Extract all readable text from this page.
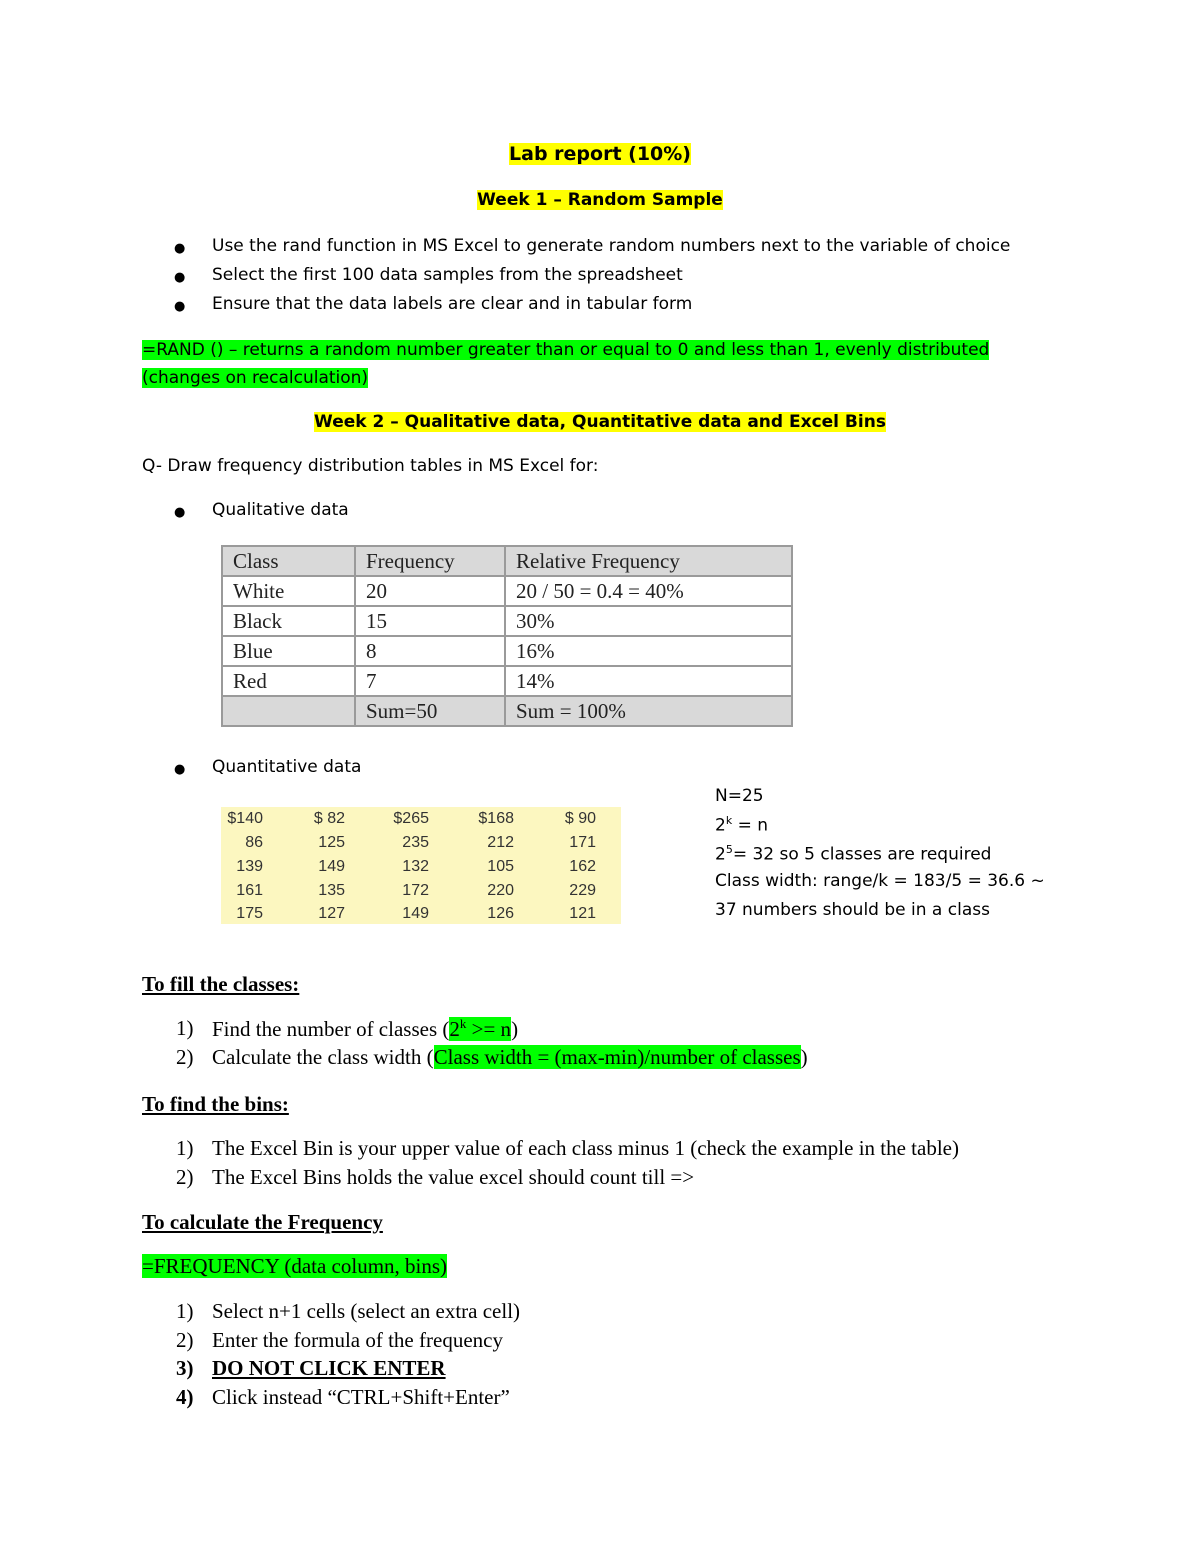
Lab report (10%)
Week 1 – Random Sample
● Use the rand function in MS Excel to generate random numbers next to the variable of choice
● Select the first 100 data samples from the spreadsheet
● Ensure that the data labels are clear and in tabular form
=RAND () – returns a random number greater than or equal to 0 and less than 1, evenly distributed
(changes on recalculation)
Week 2 – Qualitative data, Quantitative data and Excel Bins
Q- Draw frequency distribution tables in MS Excel for:
● Qualitative data
Class	Frequency	Relative Frequency
White	20	20 / 50 = 0.4 = 40%
Black	15	30%
Blue	8	16%
Red	7	14%
	Sum=50	Sum = 100%
● Quantitative data
$140	$ 82	$265	$168	$ 90
86	125	235	212	171
139	149	132	105	162
161	135	172	220	229
175	127	149	126	121
N=25
$2^k = n$
$2^5= 32$ so 5 classes are required
Class width: range/k = 183/5 = 36.6 ~
37 numbers should be in a class
To fill the classes:
1) Find the number of classes $(2^k >= n)$
2) Calculate the class width (Class width = (max-min)/number of classes)
To find the bins:
1) The Excel Bin is your upper value of each class minus 1 (check the example in the table)
2) The Excel Bins holds the value excel should count till =>
To calculate the Frequency
=FREQUENCY (data column, bins)
1) Select n+1 cells (select an extra cell)
2) Enter the formula of the frequency
3) DO NOT CLICK ENTER
4) Click instead “CTRL+Shift+Enter”
